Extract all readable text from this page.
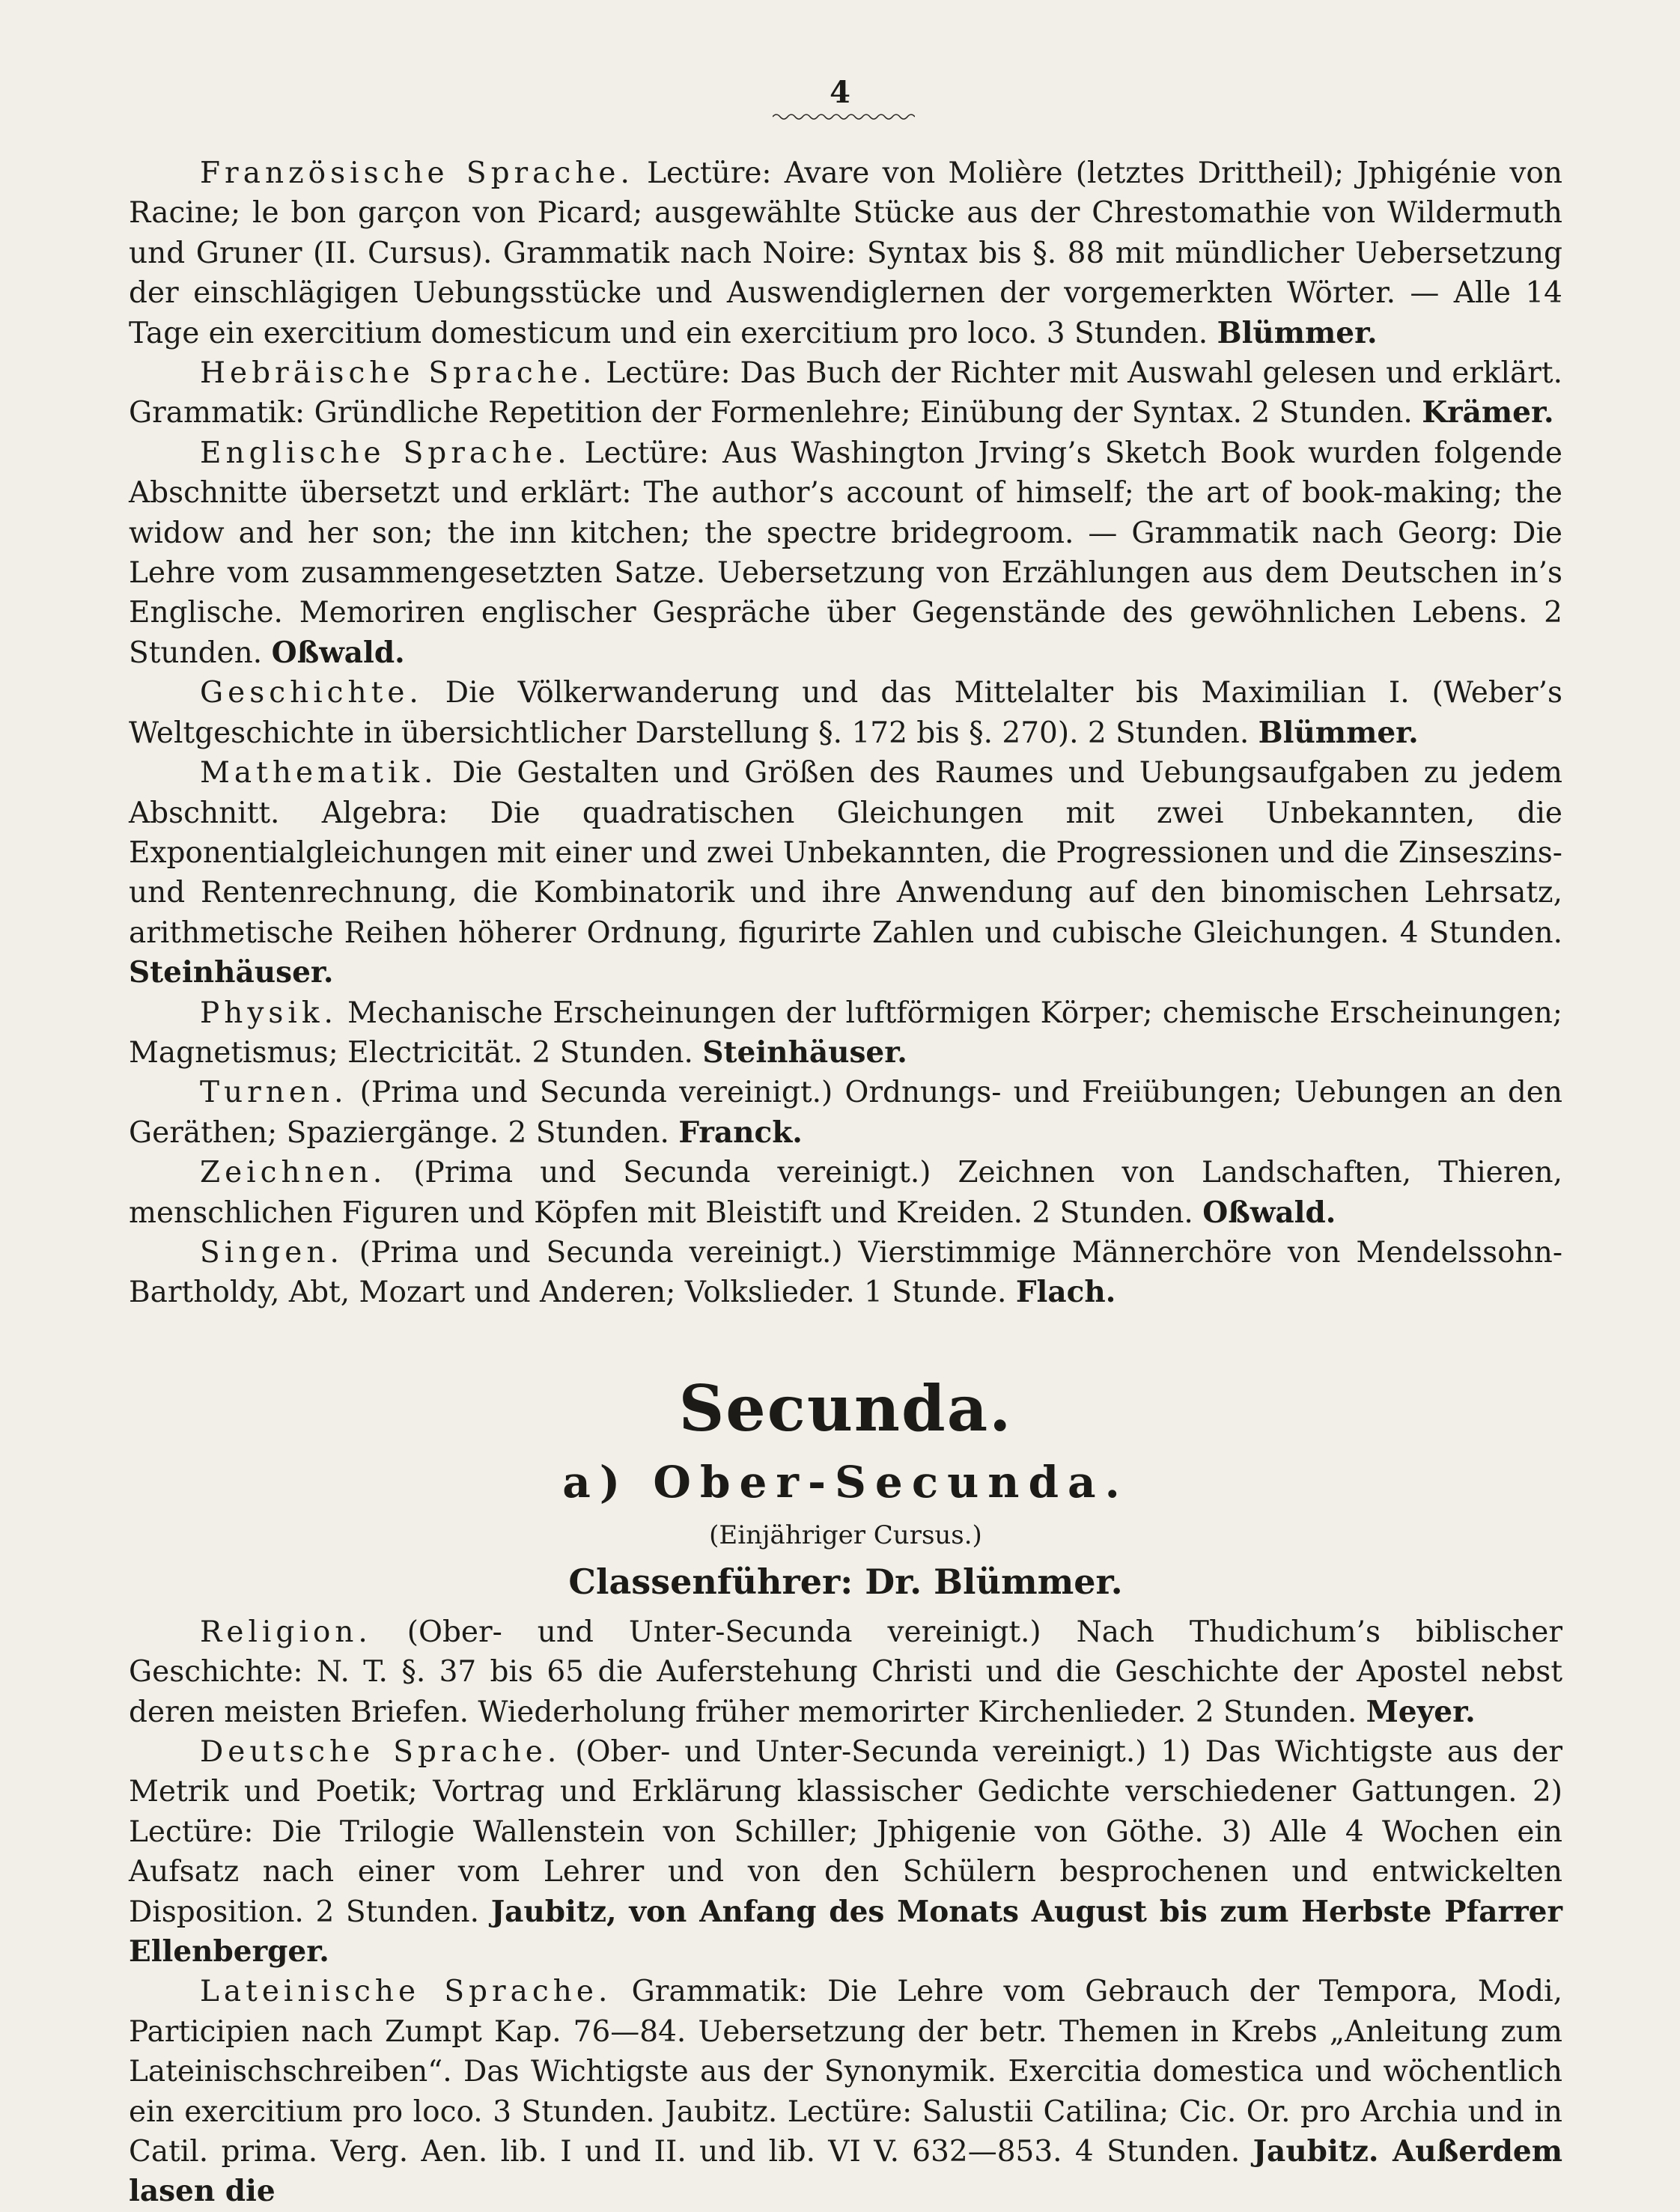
4

Französische Sprache. Lectüre: Avare von Molière (letztes Drittheil); Jphigénie von Racine; le bon garçon von Picard; ausgewählte Stücke aus der Chrestomathie von Wildermuth und Gruner (II. Cursus). Grammatik nach Noire: Syntax bis §. 88 mit mündlicher Uebersetzung der einschlägigen Uebungsstücke und Auswendiglernen der vorgemerkten Wörter. — Alle 14 Tage ein exercitium domesticum und ein exercitium pro loco. 3 Stunden. Blümmer.

Hebräische Sprache. Lectüre: Das Buch der Richter mit Auswahl gelesen und erklärt. Grammatik: Gründliche Repetition der Formenlehre; Einübung der Syntax. 2 Stunden. Krämer.

Englische Sprache. Lectüre: Aus Washington Jrving’s Sketch Book wurden folgende Abschnitte übersetzt und erklärt: The author’s account of himself; the art of book-making; the widow and her son; the inn kitchen; the spectre bridegroom. — Grammatik nach Georg: Die Lehre vom zusammengesetzten Satze. Uebersetzung von Erzählungen aus dem Deutschen in’s Englische. Memoriren englischer Gespräche über Gegenstände des gewöhnlichen Lebens. 2 Stunden. Oßwald.

Geschichte. Die Völkerwanderung und das Mittelalter bis Maximilian I. (Weber’s Weltgeschichte in übersichtlicher Darstellung §. 172 bis §. 270). 2 Stunden. Blümmer.

Mathematik. Die Gestalten und Größen des Raumes und Uebungsaufgaben zu jedem Abschnitt. Algebra: Die quadratischen Gleichungen mit zwei Unbekannten, die Exponentialgleichungen mit einer und zwei Unbekannten, die Progressionen und die Zinseszins- und Rentenrechnung, die Kombinatorik und ihre Anwendung auf den binomischen Lehrsatz, arithmetische Reihen höherer Ordnung, figurirte Zahlen und cubische Gleichungen. 4 Stunden. Steinhäuser.

Physik. Mechanische Erscheinungen der luftförmigen Körper; chemische Erscheinungen; Magnetismus; Electricität. 2 Stunden. Steinhäuser.

Turnen. (Prima und Secunda vereinigt.) Ordnungs- und Freiübungen; Uebungen an den Geräthen; Spaziergänge. 2 Stunden. Franck.

Zeichnen. (Prima und Secunda vereinigt.) Zeichnen von Landschaften, Thieren, menschlichen Figuren und Köpfen mit Bleistift und Kreiden. 2 Stunden. Oßwald.

Singen. (Prima und Secunda vereinigt.) Vierstimmige Männerchöre von Mendelssohn-Bartholdy, Abt, Mozart und Anderen; Volkslieder. 1 Stunde. Flach.

Secunda.
a) Ober-Secunda.
(Einjähriger Cursus.)
Classenführer: Dr. Blümmer.

Religion. (Ober- und Unter-Secunda vereinigt.) Nach Thudichum’s biblischer Geschichte: N. T. §. 37 bis 65 die Auferstehung Christi und die Geschichte der Apostel nebst deren meisten Briefen. Wiederholung früher memorirter Kirchenlieder. 2 Stunden. Meyer.

Deutsche Sprache. (Ober- und Unter-Secunda vereinigt.) 1) Das Wichtigste aus der Metrik und Poetik; Vortrag und Erklärung klassischer Gedichte verschiedener Gattungen. 2) Lectüre: Die Trilogie Wallenstein von Schiller; Jphigenie von Göthe. 3) Alle 4 Wochen ein Aufsatz nach einer vom Lehrer und von den Schülern besprochenen und entwickelten Disposition. 2 Stunden. Jaubitz, von Anfang des Monats August bis zum Herbste Pfarrer Ellenberger.

Lateinische Sprache. Grammatik: Die Lehre vom Gebrauch der Tempora, Modi, Participien nach Zumpt Kap. 76—84. Uebersetzung der betr. Themen in Krebs „Anleitung zum Lateinischschreiben“. Das Wichtigste aus der Synonymik. Exercitia domestica und wöchentlich ein exercitium pro loco. 3 Stunden. Jaubitz. Lectüre: Salustii Catilina; Cic. Or. pro Archia und in Catil. prima. Verg. Aen. lib. I und II. und lib. VI V. 632—853. 4 Stunden. Jaubitz. Außerdem lasen die
